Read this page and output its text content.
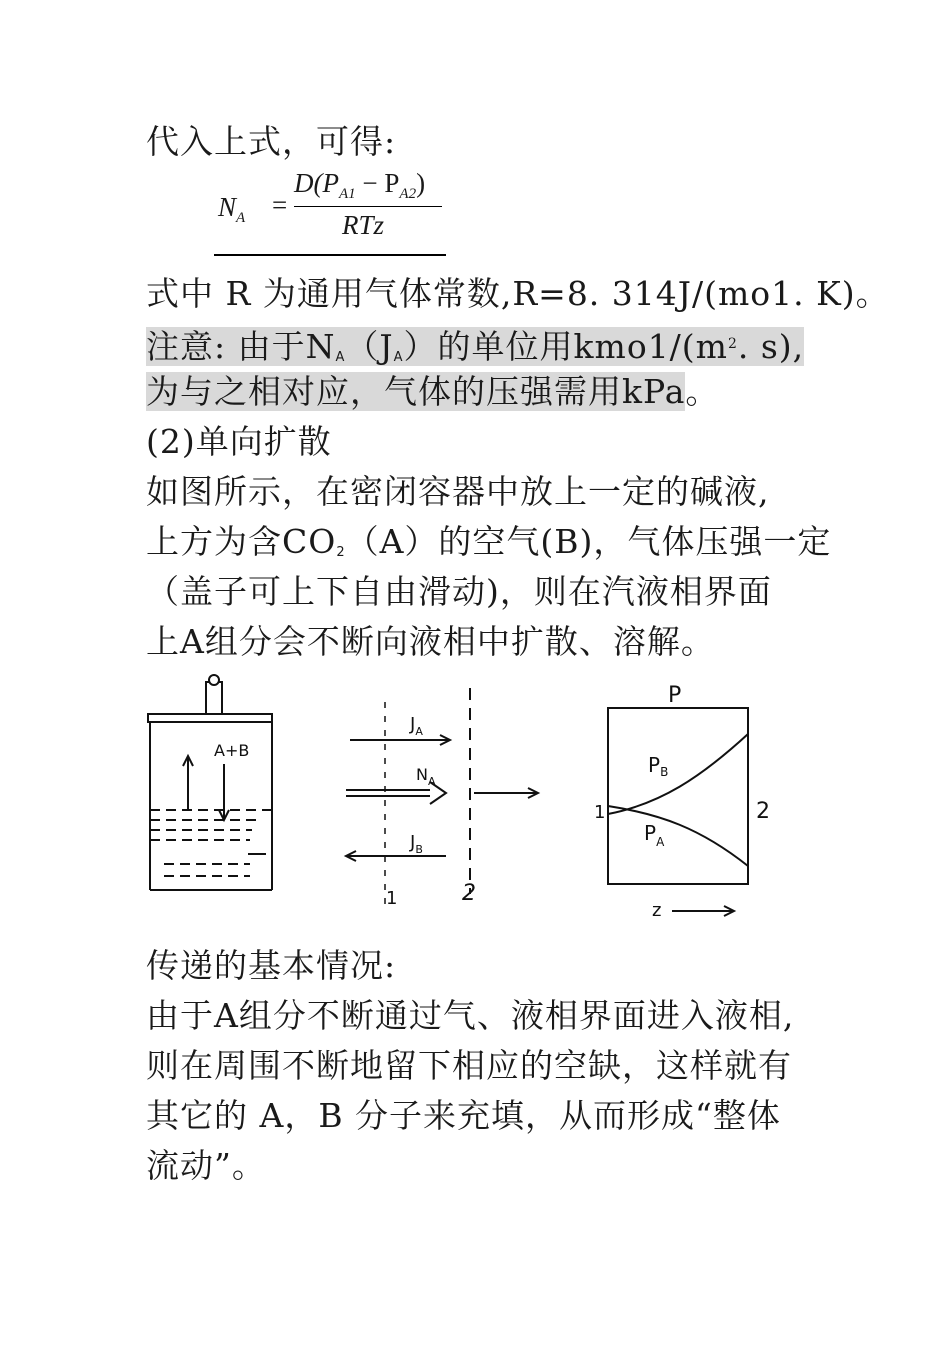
代入上式，可得:
$N_A$ =
$D(P_{A1} - P_{A2})$
RTz
式中 R 为通用气体常数,R=8. 314J/(mo1. K)。
注意: 由于$N_A(J_A)$的单位用$kmo1/(m^2$. s),
为与之相对应，气体的压强需用kPa。
(2)单向扩散
如图所示，在密闭容器中放上一定的碱液,
上方为含$CO_2(A)$的空气(B)，气体压强一定
（盖子可上下自由滑动)，则在汽液相界面
上A组分会不断向液相中扩散、溶解。
A+B
$J_A$
$N_A$
$J_B$
1	2
P
$P_B$
$P_A$
1	2
z
传递的基本情况:
由于A组分不断通过气、液相界面进入液相,
则在周围不断地留下相应的空缺，这样就有
其它的 A，B 分子来充填，从而形成“整体
流动”。
